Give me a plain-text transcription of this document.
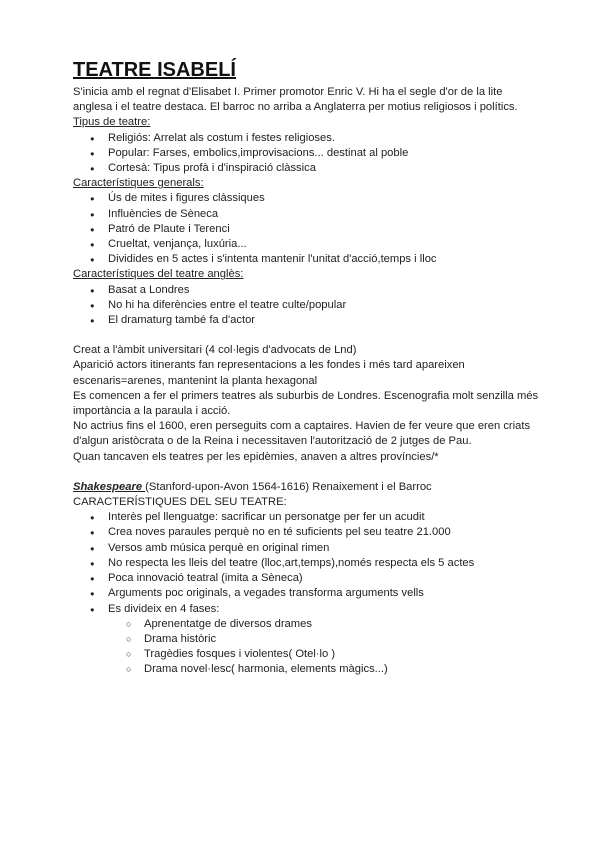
TEATRE ISABELÍ

S'inicia amb el regnat d'Elisabet I. Primer promotor Enric V. Hi ha el segle d'or de la lite anglesa i el teatre destaca. El barroc no arriba a Anglaterra per motius religiosos i polítics.

Tipus de teatre:

● Religiós: Arrelat als costum i festes religioses.
● Popular: Farses, embolics,improvisacions... destinat al poble
● Cortesà: Tipus profà i d'inspiració clàssica

Característiques generals:

● Ús de mites i figures clàssiques
● Influències de Sèneca
● Patró de Plaute i Terenci
● Crueltat, venjança, luxúria...
● Dividides en 5 actes i s'intenta mantenir l'unitat d'acció,temps i lloc

Característiques del teatre anglès:

● Basat a Londres
● No hi ha diferències entre el teatre culte/popular
● El dramaturg també fa d'actor

Creat a l'àmbit universitari (4 col·legis d'advocats de Lnd)

Aparició actors itinerants fan representacions a les fondes i més tard apareixen escenaris=arenes, mantenint la planta hexagonal

Es comencen a fer el primers teatres als suburbis de Londres. Escenografia molt senzilla més importància a la paraula i acció.

No actrius fins el 1600, eren perseguits com a captaires. Havien de fer veure que eren criats d'algun aristòcrata o de la Reina i necessitaven l'autorització de 2 jutges de Pau.

Quan tancaven els teatres per les epidèmies, anaven a altres províncies/*

Shakespeare (Stanford-upon-Avon 1564-1616) Renaixement i el Barroc

CARACTERÍSTIQUES DEL SEU TEATRE:

● Interès pel llenguatge: sacrificar un personatge per fer un acudit
● Crea noves paraules perquè no en té suficients pel seu teatre 21.000
● Versos amb música perquè en original rimen
● No respecta les lleis del teatre (lloc,art,temps),només respecta els 5 actes
● Poca innovació teatral (imita a Sèneca)
● Arguments poc originals, a vegades transforma arguments vells
● Es divideix en 4 fases:
○ Aprenentatge de diversos drames
○ Drama històric
○ Tragèdies fosques i violentes( Otel·lo )
○ Drama novel·lesc( harmonia, elements màgics...)
